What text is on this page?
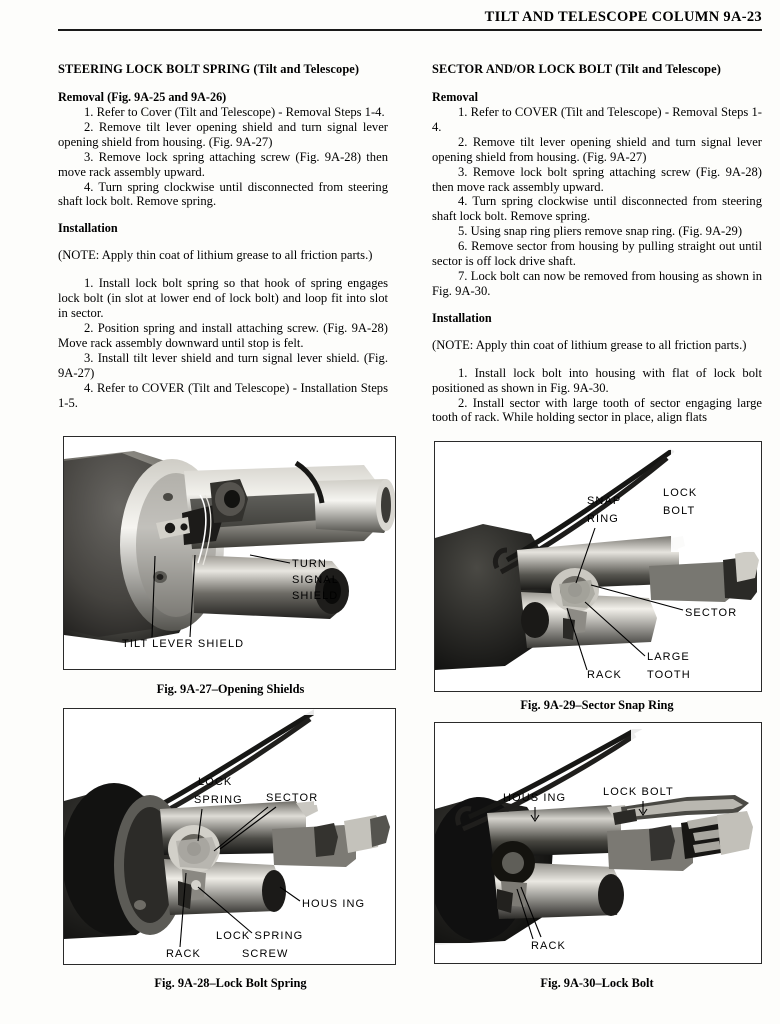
TILT AND TELESCOPE COLUMN 9A-23
STEERING LOCK BOLT SPRING (Tilt and Telescope)
Removal (Fig. 9A-25 and 9A-26)

1. Refer to Cover (Tilt and Telescope) - Removal Steps 1-4.

2. Remove tilt lever opening shield and turn signal lever opening shield from housing. (Fig. 9A-27)

3. Remove lock spring attaching screw (Fig. 9A-28) then move rack assembly upward.

4. Turn spring clockwise until disconnected from steering shaft lock bolt. Remove spring.

Installation

(NOTE: Apply thin coat of lithium grease to all friction parts.)

1. Install lock bolt spring so that hook of spring engages lock bolt (in slot at lower end of lock bolt) and loop fit into slot in sector.

2. Position spring and install attaching screw. (Fig. 9A-28) Move rack assembly downward until stop is felt.

3. Install tilt lever shield and turn signal lever shield. (Fig. 9A-27)

4. Refer to COVER (Tilt and Telescope) - Installation Steps 1-5.

SECTOR AND/OR LOCK BOLT (Tilt and Telescope)
Removal

1. Refer to COVER (Tilt and Telescope) - Removal Steps 1-4.

2. Remove tilt lever opening shield and turn signal lever opening shield from housing. (Fig. 9A-27)

3. Remove lock bolt spring attaching screw (Fig. 9A-28) then move rack assembly upward.

4. Turn spring clockwise until disconnected from steering shaft lock bolt. Remove spring.

5. Using snap ring pliers remove snap ring. (Fig. 9A-29)

6. Remove sector from housing by pulling straight out until sector is off lock drive shaft.

7. Lock bolt can now be removed from housing as shown in Fig. 9A-30.

Installation

(NOTE: Apply thin coat of lithium grease to all friction parts.)

1. Install lock bolt into housing with flat of lock bolt positioned as shown in Fig. 9A-30.

2. Install sector with large tooth of sector engaging large tooth of rack. While holding sector in place, align flats

TURN
SIGNAL
SHIELD
TILT LEVER SHIELD
Fig. 9A-27–Opening Shields
SNAP
RING
LOCK
BOLT
SECTOR
LARGE
TOOTH
RACK
Fig. 9A-29–Sector Snap Ring
LOCK
SPRING SECTOR
HOUS ING
LOCK SPRING
SCREW
RACK
Fig. 9A-28–Lock Bolt Spring
HOUS ING	LOCK BOLT
RACK
Fig. 9A-30–Lock Bolt
